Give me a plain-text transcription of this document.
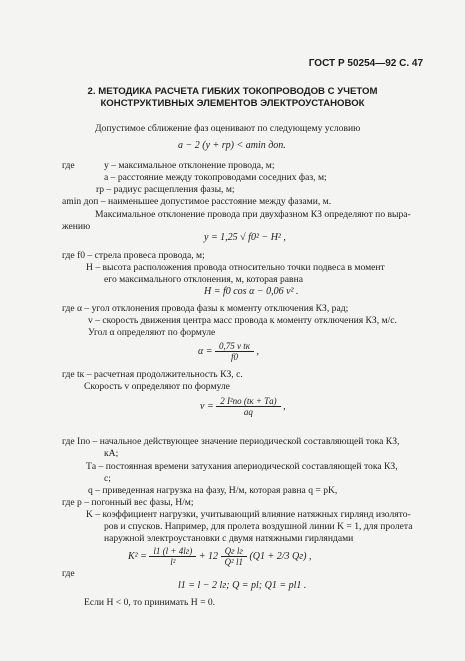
ГОСТ Р 50254—92 С. 47
2. МЕТОДИКА РАСЧЕТА ГИБКИХ ТОКОПРОВОДОВ С УЧЕТОМ
КОНСТРУКТИВНЫХ ЭЛЕМЕНТОВ ЭЛЕКТРОУСТАНОВОК
Допустимое сближение фаз оценивают по следующему условию
a − 2 (y + rр) < amin доп.
где	y – максимальное отклонение провода, м;
a – расстояние между токопроводами соседних фаз, м;
rр – радиус расщепления фазы, м;
amin доп – наименьшее допустимое расстояние между фазами, м.
Максимальное отклонение провода при двухфазном КЗ определяют по выра-
жению
y = 1,25 √ f0² − H² ,
где f0 – стрела провеса провода, м;
H – высота расположения провода относительно точки подвеса в момент
его максимального отклонения, м, которая равна
H = f0 cos α − 0,06 v² .
где α – угол отклонения провода фазы к моменту отключения КЗ, рад;
v – скорость движения центра масс провода к моменту отключения КЗ, м/с.
Угол α определяют по формуле
$\alpha = \frac{\text{0,75 v tк}}{f0}$ ,
где tк – расчетная продолжительность КЗ, с.
Скорость v определяют по формуле
$v = \frac{\text{2 I²по (tк + Tа)}}{aq}$ ,
где Iпо – начальное действующее значение периодической составляющей тока КЗ,
кА;
Tа – постоянная времени затухания апериодической составляющей тока КЗ,
с;
q – приведенная нагрузка на фазу, Н/м, которая равна q = pK,
где p – погонный вес фазы, Н/м;
K – коэффициент нагрузки, учитывающий влияние натяжных гирлянд изолято-
ров и спусков. Например, для пролета воздушной линии K = 1, для пролета
наружной электроустановки с двумя натяжными гирляндами
$K^2 = \frac{l1 (l + 4lг)}{\text{l²}} + 12 \frac{\text{Qг lг}}{\text{Q² l1}} (Q1 + 2/3$ Qг) ,
где
l1 = l − 2 lг; Q = pl; Q1 = pl1 .
Если H < 0, то принимать H = 0.
